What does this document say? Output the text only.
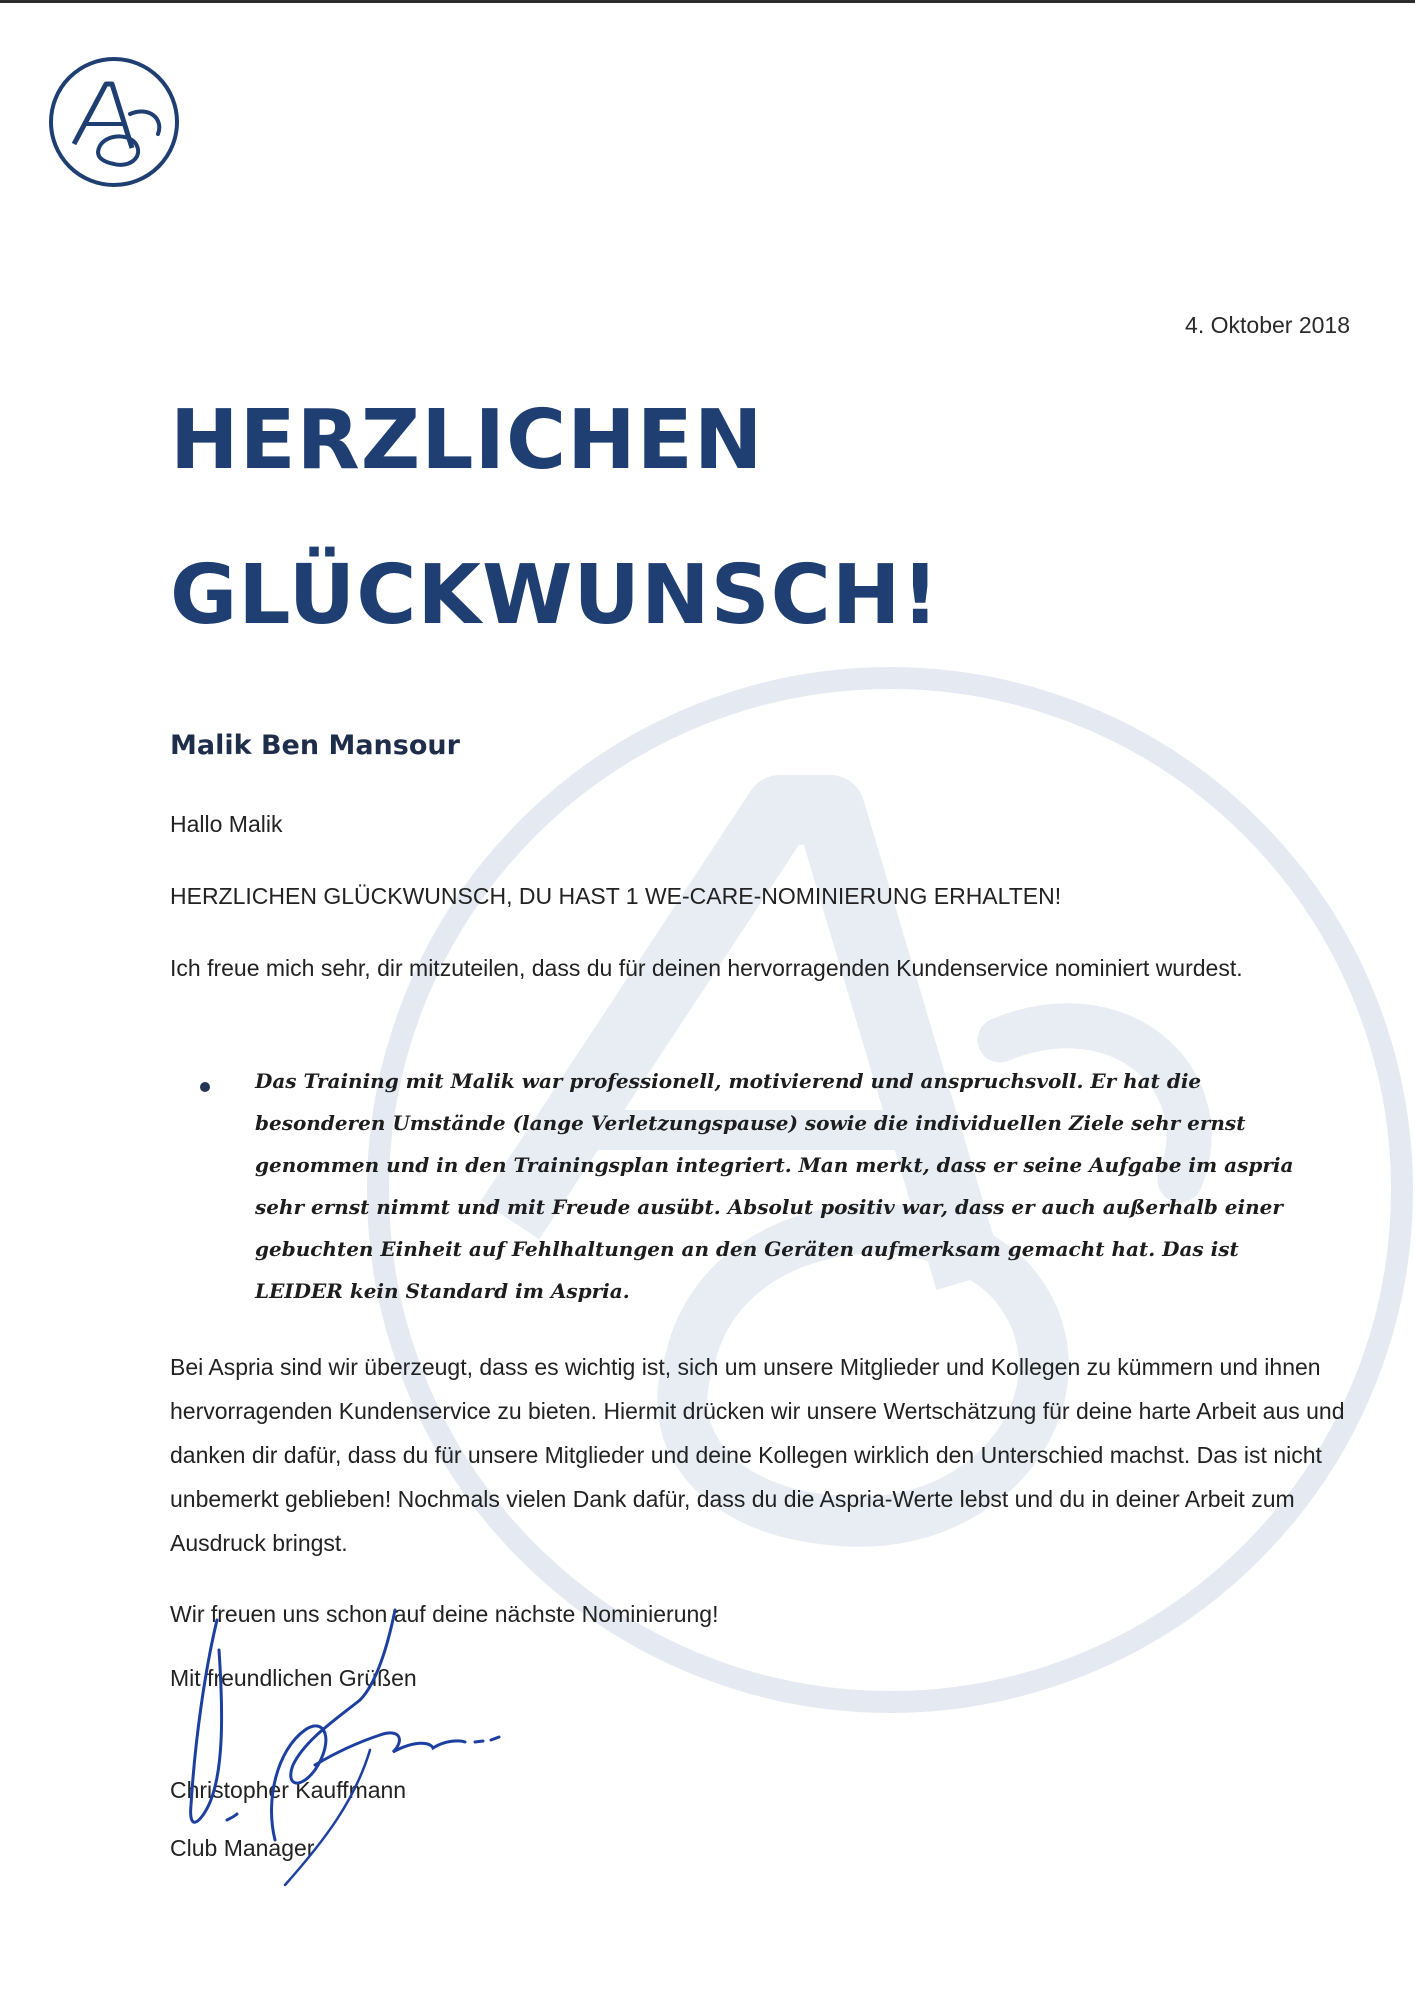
4. Oktober 2018
HERZLICHEN
GLÜCKWUNSCH!
Malik Ben Mansour

Hallo Malik

HERZLICHEN GLÜCKWUNSCH, DU HAST 1 WE-CARE-NOMINIERUNG ERHALTEN!

Ich freue mich sehr, dir mitzuteilen, dass du für deinen hervorragenden Kundenservice nominiert wurdest.

Das Training mit Malik war professionell, motivierend und anspruchsvoll. Er hat die besonderen Umstände (lange Verletzungspause) sowie die individuellen Ziele sehr ernst genommen und in den Trainingsplan integriert. Man merkt, dass er seine Aufgabe im aspria sehr ernst nimmt und mit Freude ausübt. Absolut positiv war, dass er auch außerhalb einer gebuchten Einheit auf Fehlhaltungen an den Geräten aufmerksam gemacht hat. Das ist LEIDER kein Standard im Aspria.

Bei Aspria sind wir überzeugt, dass es wichtig ist, sich um unsere Mitglieder und Kollegen zu kümmern und ihnen hervorragenden Kundenservice zu bieten. Hiermit drücken wir unsere Wertschätzung für deine harte Arbeit aus und danken dir dafür, dass du für unsere Mitglieder und deine Kollegen wirklich den Unterschied machst. Das ist nicht unbemerkt geblieben! Nochmals vielen Dank dafür, dass du die Aspria-Werte lebst und du in deiner Arbeit zum Ausdruck bringst.

Wir freuen uns schon auf deine nächste Nominierung!

Mit freundlichen Grüßen

Christopher Kauffmann

Club Manager
